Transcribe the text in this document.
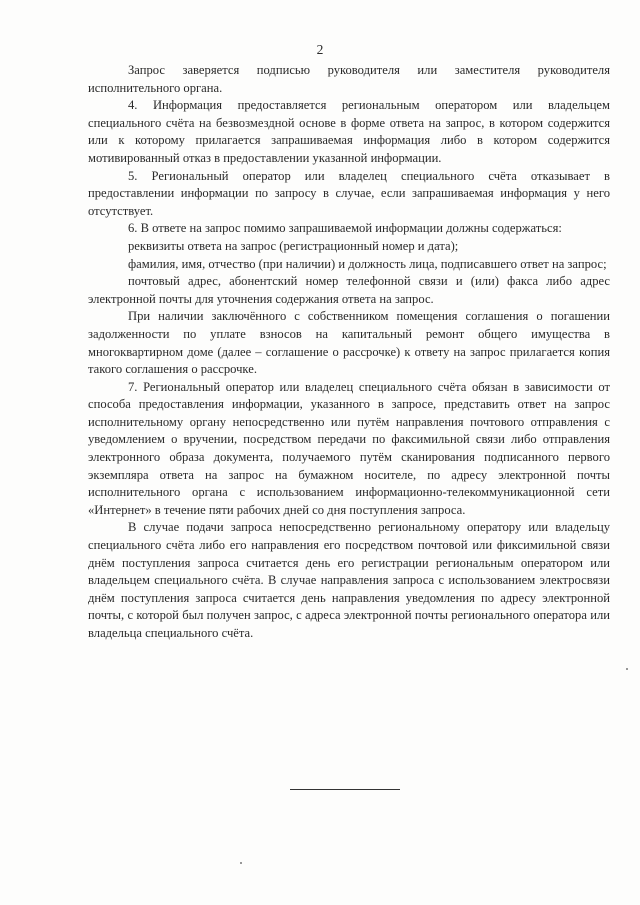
2

Запрос заверяется подписью руководителя или заместителя руководителя исполнительного органа.

4. Информация предоставляется региональным оператором или владельцем специального счёта на безвозмездной основе в форме ответа на запрос, в котором содержится или к которому прилагается запрашиваемая информация либо в котором содержится мотивированный отказ в предоставлении указанной информации.

5. Региональный оператор или владелец специального счёта отказывает в предоставлении информации по запросу в случае, если запрашиваемая информация у него отсутствует.

6. В ответе на запрос помимо запрашиваемой информации должны содержаться:

реквизиты ответа на запрос (регистрационный номер и дата);

фамилия, имя, отчество (при наличии) и должность лица, подписавшего ответ на запрос;

почтовый адрес, абонентский номер телефонной связи и (или) факса либо адрес электронной почты для уточнения содержания ответа на запрос.

При наличии заключённого с собственником помещения соглашения о погашении задолженности по уплате взносов на капитальный ремонт общего имущества в многоквартирном доме (далее – соглашение о рассрочке) к ответу на запрос прилагается копия такого соглашения о рассрочке.

7. Региональный оператор или владелец специального счёта обязан в зависимости от способа предоставления информации, указанного в запросе, представить ответ на запрос исполнительному органу непосредственно или путём направления почтового отправления с уведомлением о вручении, посредством передачи по факсимильной связи либо отправления электронного образа документа, получаемого путём сканирования подписанного первого экземпляра ответа на запрос на бумажном носителе, по адресу электронной почты исполнительного органа с использованием информационно-телекоммуникационной сети «Интернет» в течение пяти рабочих дней со дня поступления запроса.

В случае подачи запроса непосредственно региональному оператору или владельцу специального счёта либо его направления его посредством почтовой или фиксимильной связи днём поступления запроса считается день его регистрации региональным оператором или владельцем специального счёта. В случае направления запроса с использованием электросвязи днём поступления запроса считается день направления уведомления по адресу электронной почты, с которой был получен запрос, с адреса электронной почты регионального оператора или владельца специального счёта.
